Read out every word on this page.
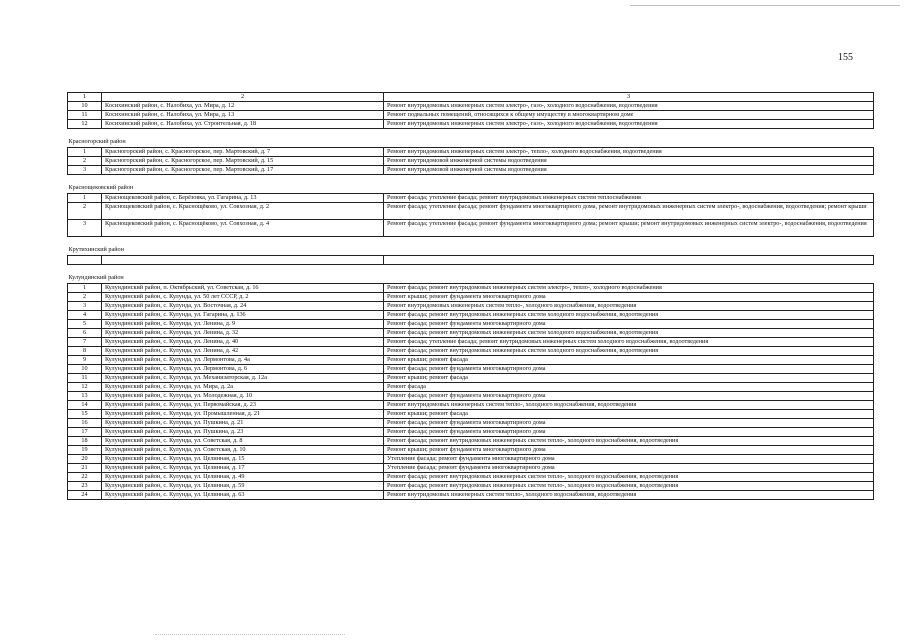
155
1	2	3
10	Косихинский район, с. Налобиха, ул. Мира, д. 12	Ремонт внутридомовых инженерных систем электро-, газо-, холодного водоснабжения, водоотведения
11	Косихинский район, с. Налобиха, ул. Мира, д. 13	Ремонт подвальных помещений, относящихся к общему имуществу в многоквартирном доме
12	Косихинский район, с. Налобиха, ул. Строительная, д. 18	Ремонт внутридомовых инженерных систем электро-, газо-, холодного водоснабжения, водоотведения

Красногорский район		
1	Красногорский район, с. Красногорское, пер. Мартовский, д. 7	Ремонт внутридомовых инженерных систем электро-, тепло-, холодного водоснабжения, водоотведения
2	Красногорский район, с. Красногорское, пер. Мартовский, д. 15	Ремонт внутридомовой инженерной системы водоотведения
3	Красногорский район, с. Красногорское, пер. Мартовский, д. 17	Ремонт внутридомовой инженерной системы водоотведения

Краснощековский район		
1	Краснощековский район, с. Берёзовка, ул. Гагарина, д. 13	Ремонт фасада; утепление фасада; ремонт внутридомовых инженерных систем теплоснабжения
2	Краснощековский район, с. Краснощёково, ул. Совхозная, д. 2	Ремонт фасада; утепление фасада; ремонт фундамента многоквартирного дома, ремонт внутридомовых инженерных систем электро-, водоснабжения, водоотведения; ремонт крыши
3	Краснощековский район, с. Краснощёково, ул. Совхозная, д. 4	Ремонт фасада; утепление фасада; ремонт фундамента многоквартирного дома; ремонт крыши; ремонт внутридомовых инженерных систем электро-, водоснабжения, водоотведения

Крутихинский район		

Кулундинский район		
1	Кулундинский район, п. Октябрьский, ул. Советская, д. 16	Ремонт фасада; ремонт внутридомовых инженерных систем электро-, тепло-, холодного водоснабжения
2	Кулундинский район, с. Кулунда, ул. 50 лет СССР, д. 2	Ремонт крыши; ремонт фундамента многоквартирного дома
3	Кулундинский район, с. Кулунда, ул. Восточная, д. 24	Ремонт внутридомовых инженерных систем тепло-, холодного водоснабжения, водоотведения
4	Кулундинский район, с. Кулунда, ул. Гагарина, д. 136	Ремонт фасада; ремонт внутридомовых инженерных систем холодного водоснабжения, водоотведения
5	Кулундинский район, с. Кулунда, ул. Ленина, д. 9	Ремонт фасада; ремонт фундамента многоквартирного дома
6	Кулундинский район, с. Кулунда, ул. Ленина, д. 32	Ремонт фасада; ремонт внутридомовых инженерных систем холодного водоснабжения, водоотведения
7	Кулундинский район, с. Кулунда, ул. Ленина, д. 40	Ремонт фасада; утепление фасада; ремонт внутридомовых инженерных систем холодного водоснабжения, водоотведения
8	Кулундинский район, с. Кулунда, ул. Ленина, д. 42	Ремонт фасада; ремонт внутридомовых инженерных систем холодного водоснабжения, водоотведения
9	Кулундинский район, с. Кулунда, ул. Лермонтова, д. 4а	Ремонт крыши; ремонт фасада
10	Кулундинский район, с. Кулунда, ул. Лермонтова, д. 6	Ремонт фасада; ремонт фундамента многоквартирного дома
11	Кулундинский район, с. Кулунда, ул. Механизаторская, д. 12а	Ремонт крыши; ремонт фасада
12	Кулундинский район, с. Кулунда, ул. Мира, д. 2а	Ремонт фасада
13	Кулундинский район, с. Кулунда, ул. Молодежная, д. 10	Ремонт фасада; ремонт фундамента многоквартирного дома
14	Кулундинский район, с. Кулунда, ул. Первомайская, д. 23	Ремонт внутридомовых инженерных систем тепло-, холодного водоснабжения, водоотведения
15	Кулундинский район, с. Кулунда, ул. Промышленная, д. 21	Ремонт крыши; ремонт фасада
16	Кулундинский район, с. Кулунда, ул. Пушкина, д. 21	Ремонт фасада; ремонт фундамента многоквартирного дома
17	Кулундинский район, с. Кулунда, ул. Пушкина, д. 23	Ремонт фасада; ремонт фундамента многоквартирного дома
18	Кулундинский район, с. Кулунда, ул. Советская, д. 8	Ремонт фасада; ремонт внутридомовых инженерных систем тепло-, холодного водоснабжения, водоотведения
19	Кулундинский район, с. Кулунда, ул. Советская, д. 10	Ремонт крыши; ремонт фундамента многоквартирного дома
20	Кулундинский район, с. Кулунда, ул. Целинная, д. 15	Утепление фасада; ремонт фундамента многоквартирного дома
21	Кулундинский район, с. Кулунда, ул. Целинная, д. 17	Утепление фасада; ремонт фундамента многоквартирного дома
22	Кулундинский район, с. Кулунда, ул. Целинная, д. 49	Ремонт фасада; ремонт внутридомовых инженерных систем тепло-, холодного водоснабжения, водоотведения
23	Кулундинский район, с. Кулунда, ул. Целинная, д. 59	Ремонт фасада; ремонт внутридомовых инженерных систем тепло-, холодного водоснабжения, водоотведения
24	Кулундинский район, с. Кулунда, ул. Целинная, д. 63	Ремонт внутридомовых инженерных систем тепло-, холодного водоснабжения, водоотведения
